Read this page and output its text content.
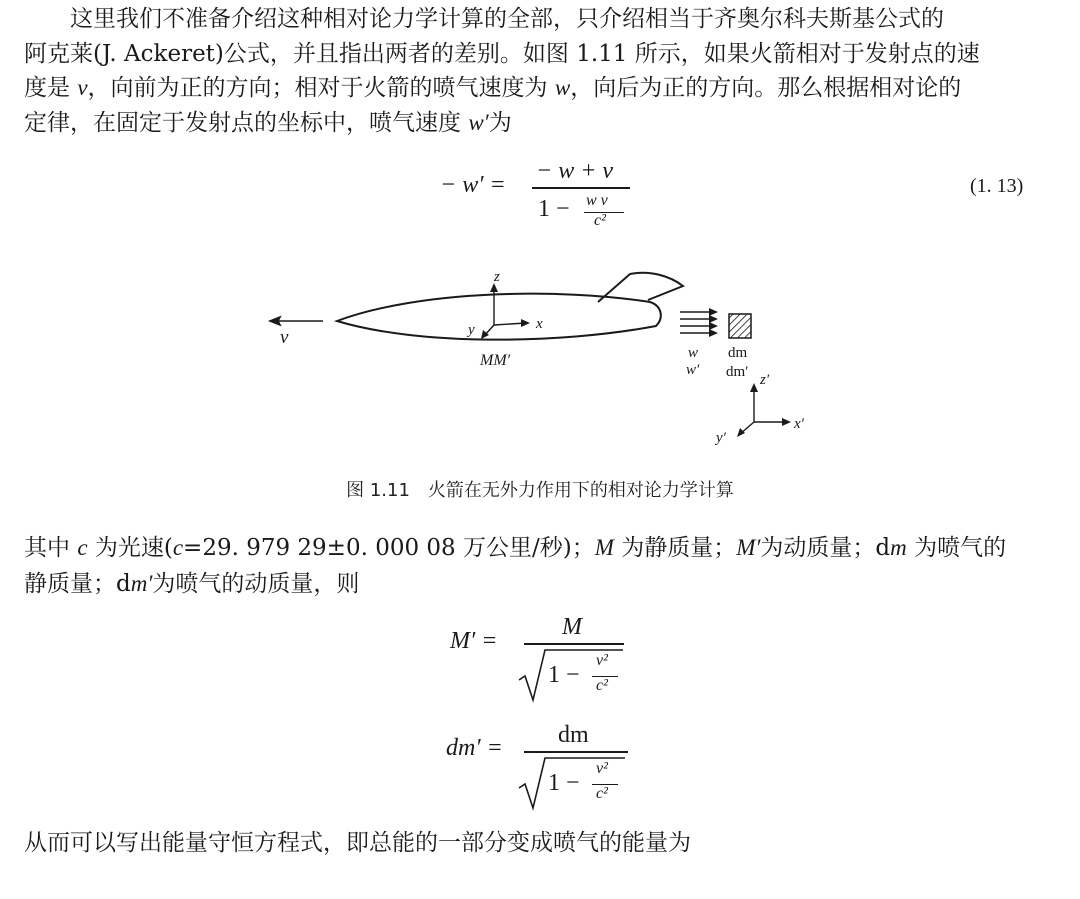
　　这里我们不准备介绍这种相对论力学计算的全部，只介绍相当于齐奥尔科夫斯基公式的

阿克莱(J. Ackeret)公式，并且指出两者的差别。如图 1.11 所示，如果火箭相对于发射点的速

度是 v，向前为正的方向；相对于火箭的喷气速度为 w，向后为正的方向。那么根据相对论的

定律，在固定于发射点的坐标中，喷气速度 w′为

− w′ =
− w + v
1 − w v
c²
(1. 13)
v
z
y	x
MM′	w
w′
dm
dm′ z′
y′
x′
图 1.11　火箭在无外力作用下的相对论力学计算

其中 c 为光速(c=29. 979 29±0. 000 08 万公里/秒)；M 为静质量；M′为动质量；dm 为喷气的

静质量；dm′为喷气的动质量，则

M′ =
M
1 −
v²
c²
dm′ = dm
1 −
v²
c²

从而可以写出能量守恒方程式，即总能的一部分变成喷气的能量为
